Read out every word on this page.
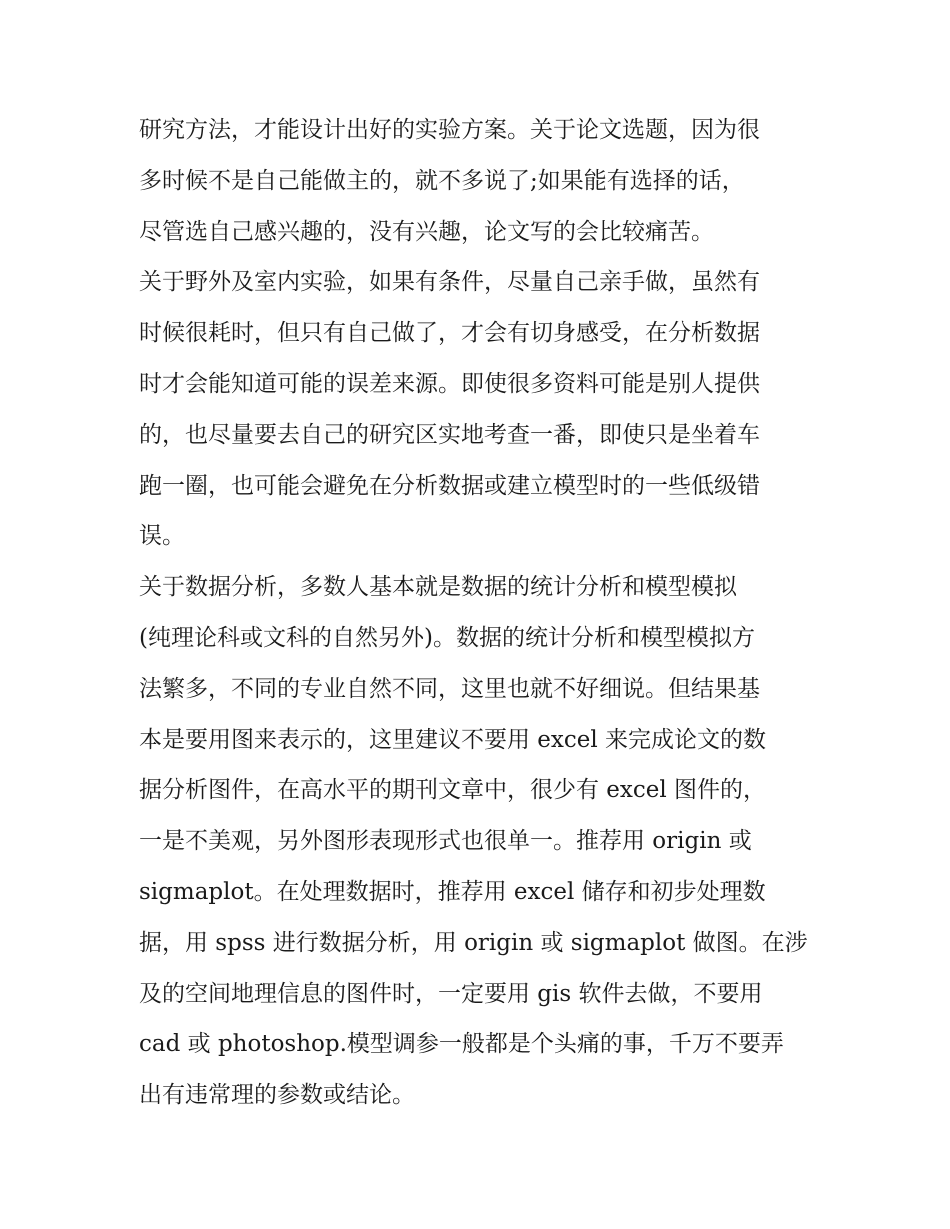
研究方法，才能设计出好的实验方案。关于论文选题，因为很
多时候不是自己能做主的，就不多说了;如果能有选择的话，
尽管选自己感兴趣的，没有兴趣，论文写的会比较痛苦。
关于野外及室内实验，如果有条件，尽量自己亲手做，虽然有
时候很耗时，但只有自己做了，才会有切身感受，在分析数据
时才会能知道可能的误差来源。即使很多资料可能是别人提供
的，也尽量要去自己的研究区实地考查一番，即使只是坐着车
跑一圈，也可能会避免在分析数据或建立模型时的一些低级错
误。
关于数据分析，多数人基本就是数据的统计分析和模型模拟
(纯理论科或文科的自然另外)。数据的统计分析和模型模拟方
法繁多，不同的专业自然不同，这里也就不好细说。但结果基
本是要用图来表示的，这里建议不要用 excel 来完成论文的数
据分析图件，在高水平的期刊文章中，很少有 excel 图件的，
一是不美观，另外图形表现形式也很单一。推荐用 origin 或
sigmaplot。在处理数据时，推荐用 excel 储存和初步处理数
据，用 spss 进行数据分析，用 origin 或 sigmaplot 做图。在涉
及的空间地理信息的图件时，一定要用 gis 软件去做，不要用
cad 或 photoshop.模型调参一般都是个头痛的事，千万不要弄
出有违常理的参数或结论。
